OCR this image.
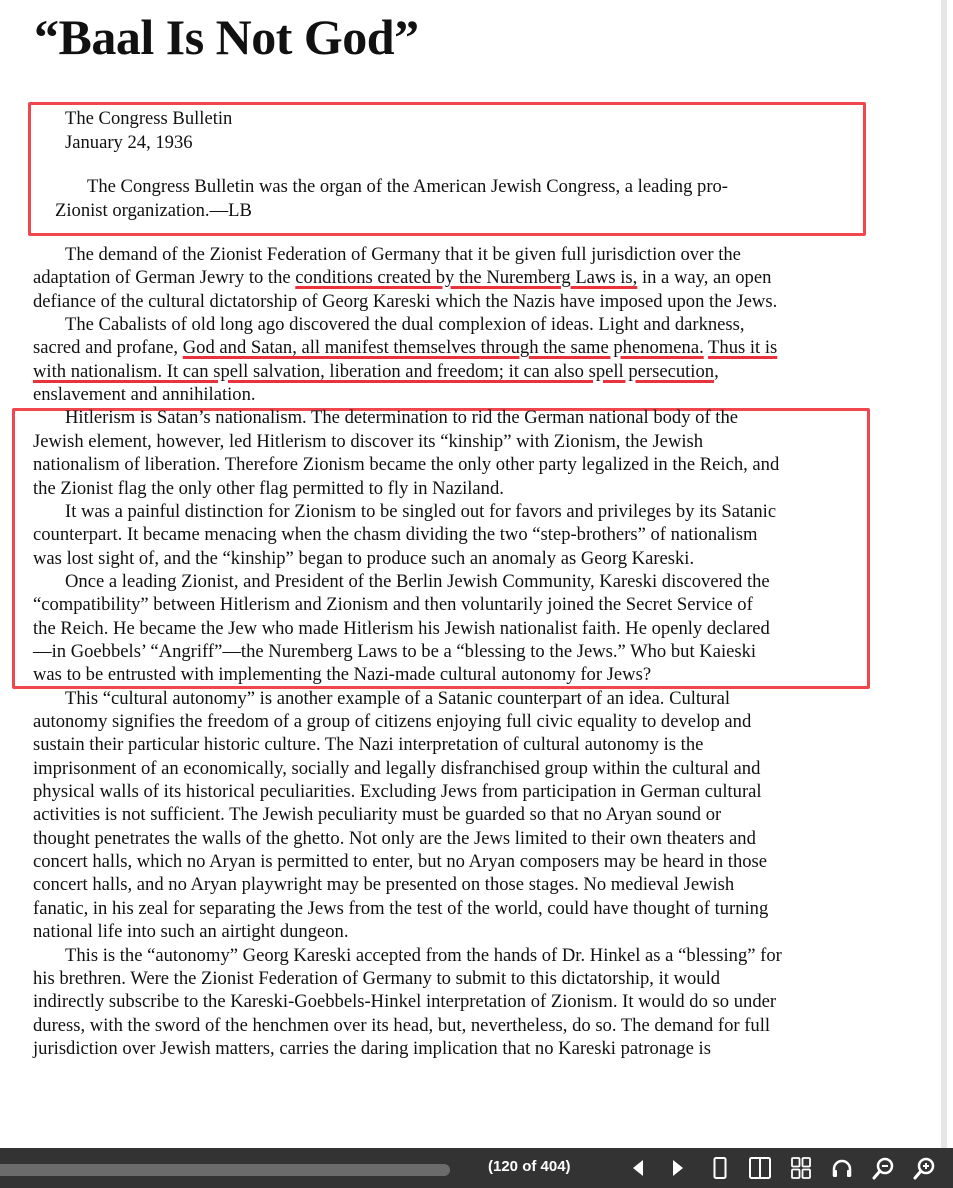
“Baal Is Not God”
The Congress Bulletin
January 24, 1936
The Congress Bulletin was the organ of the American Jewish Congress, a leading pro-
Zionist organization.—LB
The demand of the Zionist Federation of Germany that it be given full jurisdiction over the
adaptation of German Jewry to the conditions created by the Nuremberg Laws is, in a way, an open
defiance of the cultural dictatorship of Georg Kareski which the Nazis have imposed upon the Jews.
The Cabalists of old long ago discovered the dual complexion of ideas. Light and darkness,
sacred and profane, God and Satan, all manifest themselves through the same phenomena. Thus it is
with nationalism. It can spell salvation, liberation and freedom; it can also spell persecution,
enslavement and annihilation.
Hitlerism is Satan’s nationalism. The determination to rid the German national body of the
Jewish element, however, led Hitlerism to discover its “kinship” with Zionism, the Jewish
nationalism of liberation. Therefore Zionism became the only other party legalized in the Reich, and
the Zionist flag the only other flag permitted to fly in Naziland.
It was a painful distinction for Zionism to be singled out for favors and privileges by its Satanic
counterpart. It became menacing when the chasm dividing the two “step-brothers” of nationalism
was lost sight of, and the “kinship” began to produce such an anomaly as Georg Kareski.
Once a leading Zionist, and President of the Berlin Jewish Community, Kareski discovered the
“compatibility” between Hitlerism and Zionism and then voluntarily joined the Secret Service of
the Reich. He became the Jew who made Hitlerism his Jewish nationalist faith. He openly declared
—in Goebbels’ “Angriff”—the Nuremberg Laws to be a “blessing to the Jews.” Who but Kaieski
was to be entrusted with implementing the Nazi-made cultural autonomy for Jews?
This “cultural autonomy” is another example of a Satanic counterpart of an idea. Cultural
autonomy signifies the freedom of a group of citizens enjoying full civic equality to develop and
sustain their particular historic culture. The Nazi interpretation of cultural autonomy is the
imprisonment of an economically, socially and legally disfranchised group within the cultural and
physical walls of its historical peculiarities. Excluding Jews from participation in German cultural
activities is not sufficient. The Jewish peculiarity must be guarded so that no Aryan sound or
thought penetrates the walls of the ghetto. Not only are the Jews limited to their own theaters and
concert halls, which no Aryan is permitted to enter, but no Aryan composers may be heard in those
concert halls, and no Aryan playwright may be presented on those stages. No medieval Jewish
fanatic, in his zeal for separating the Jews from the test of the world, could have thought of turning
national life into such an airtight dungeon.
This is the “autonomy” Georg Kareski accepted from the hands of Dr. Hinkel as a “blessing” for
his brethren. Were the Zionist Federation of Germany to submit to this dictatorship, it would
indirectly subscribe to the Kareski-Goebbels-Hinkel interpretation of Zionism. It would do so under
duress, with the sword of the henchmen over its head, but, nevertheless, do so. The demand for full
jurisdiction over Jewish matters, carries the daring implication that no Kareski patronage is
(120 of 404)
